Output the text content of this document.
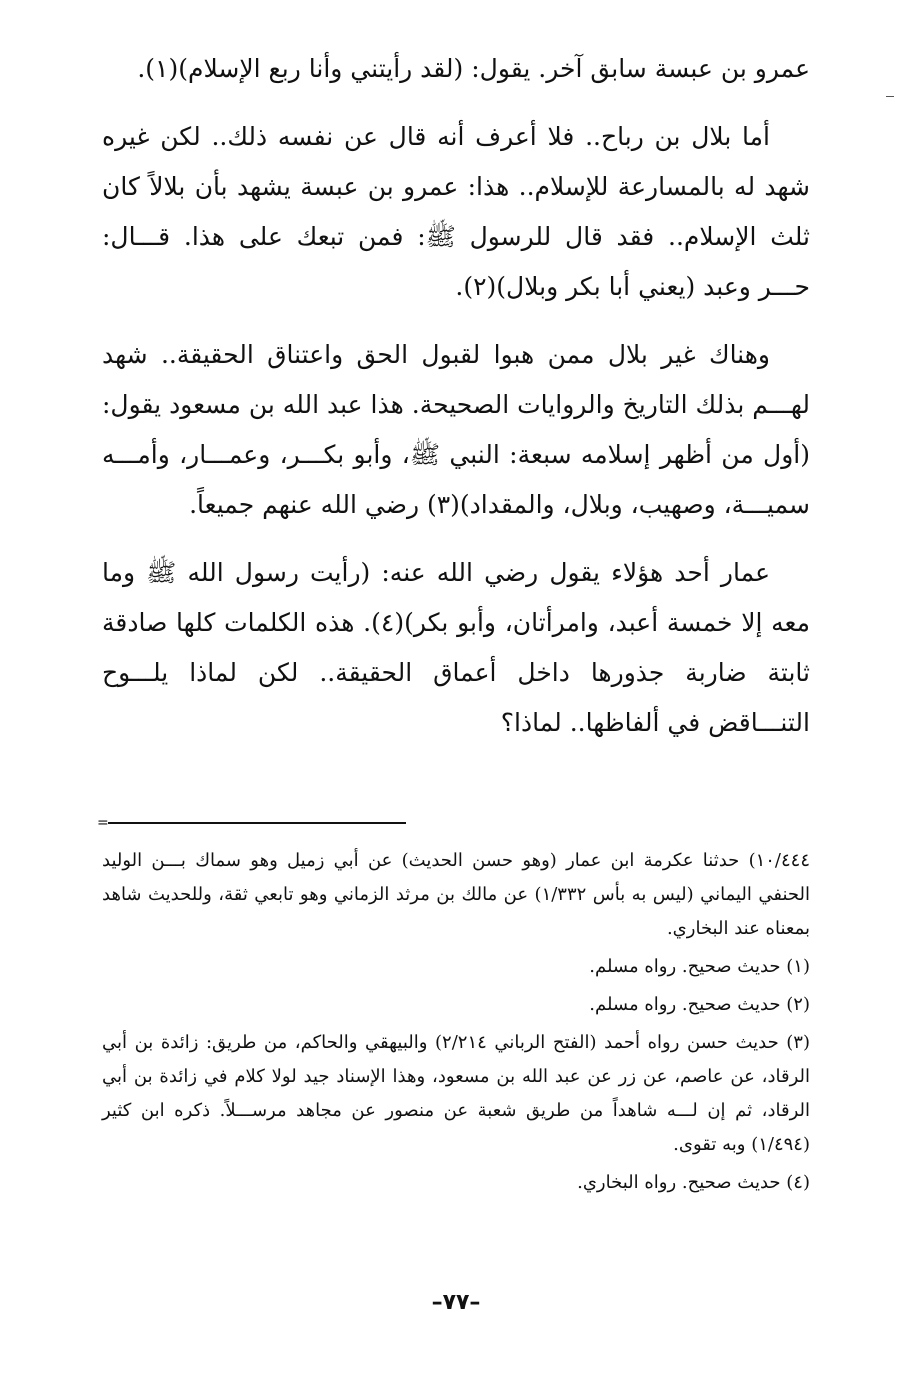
عمرو بن عبسة سابق آخر. يقول: (لقد رأيتني وأنا ربع الإسلام)(١).

أما بلال بن رباح.. فلا أعرف أنه قال عن نفسه ذلك.. لكن غيره شهد له بالمسارعة للإسلام.. هذا: عمرو بن عبسة يشهد بأن بلالاً كان ثلث الإسلام.. فقد قال للرسول ﷺ: فمن تبعك على هذا. قـــال: حـــر وعبد (يعني أبا بكر وبلال)(٢).

وهناك غير بلال ممن هبوا لقبول الحق واعتناق الحقيقة.. شهد لهـــم بذلك التاريخ والروايات الصحيحة. هذا عبد الله بن مسعود يقول: (أول من أظهر إسلامه سبعة: النبي ﷺ، وأبو بكـــر، وعمـــار، وأمـــه سميـــة، وصهيب، وبلال، والمقداد)(٣) رضي الله عنهم جميعاً.

عمار أحد هؤلاء يقول رضي الله عنه: (رأيت رسول الله ﷺ وما معه إلا خمسة أعبد، وامرأتان، وأبو بكر)(٤). هذه الكلمات كلها صادقة ثابتة ضاربة جذورها داخل أعماق الحقيقة.. لكن لماذا يلـــوح التنـــاقض في ألفاظها.. لماذا؟

=

١٠/٤٤٤) حدثنا عكرمة ابن عمار (وهو حسن الحديث) عن أبي زميل وهو سماك بـــن الوليد الحنفي اليماني (ليس به بأس ١/٣٣٢) عن مالك بن مرثد الزماني وهو تابعي ثقة، وللحديث شاهد بمعناه عند البخاري.

(١) حديث صحيح. رواه مسلم.

(٢) حديث صحيح. رواه مسلم.

(٣) حديث حسن رواه أحمد (الفتح الرباني ٢/٢١٤) والبيهقي والحاكم، من طريق: زائدة بن أبي الرقاد، عن عاصم، عن زر عن عبد الله بن مسعود، وهذا الإسناد جيد لولا كلام في زائدة بن أبي الرقاد، ثم إن لـــه شاهداً من طريق شعبة عن منصور عن مجاهد مرســـلاً. ذكره ابن كثير (١/٤٩٤) وبه تقوى.

(٤) حديث صحيح. رواه البخاري.

–٧٧–
